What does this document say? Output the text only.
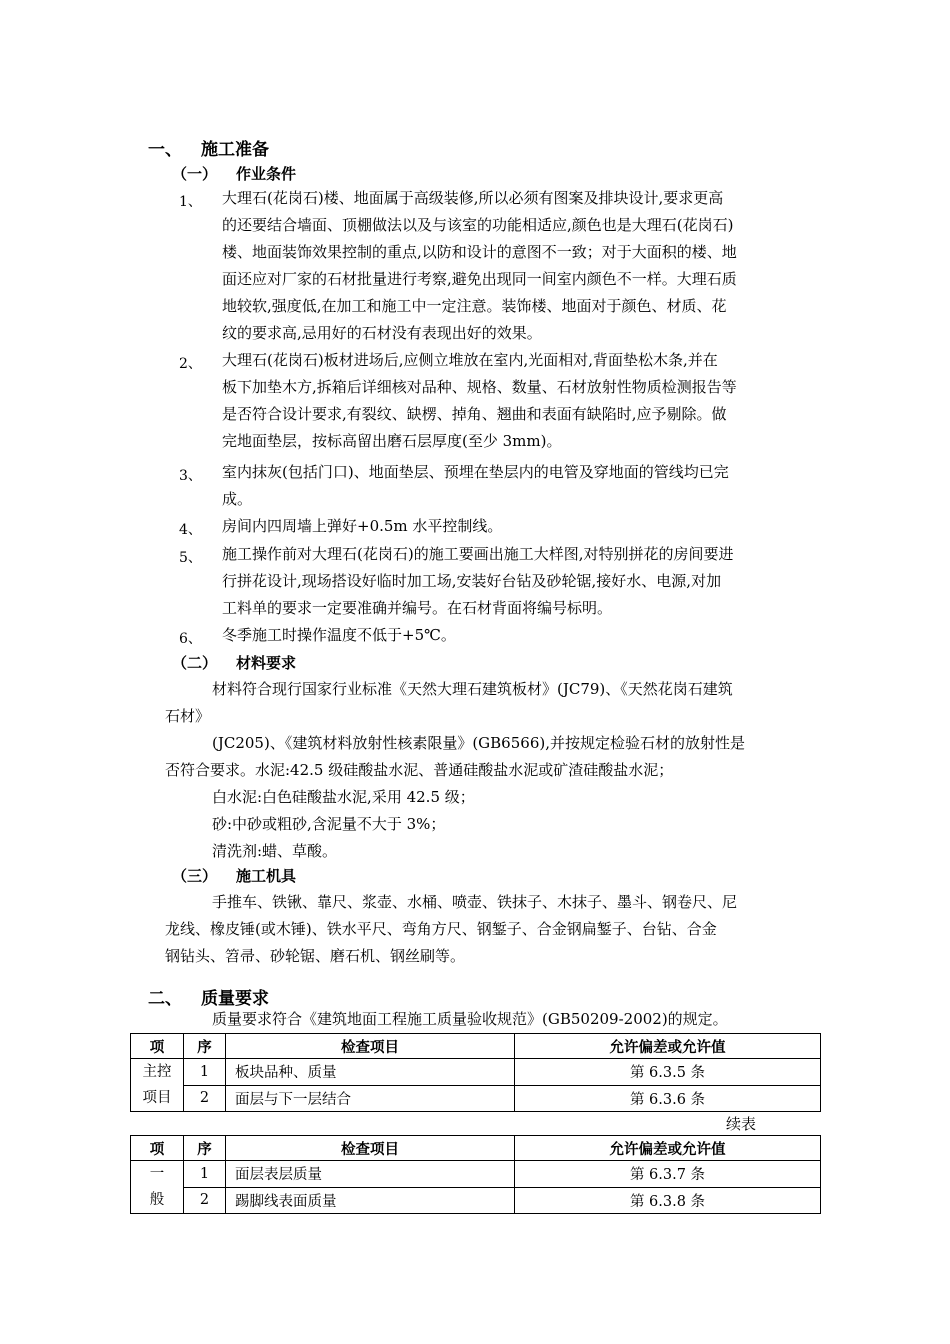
一、 施工准备
（一） 作业条件
1、 大理石(花岗石)楼、地面属于高级装修,所以必须有图案及排块设计,要求更高
的还要结合墙面、顶棚做法以及与该室的功能相适应,颜色也是大理石(花岗石)
楼、地面装饰效果控制的重点,以防和设计的意图不一致；对于大面积的楼、地
面还应对厂家的石材批量进行考察,避免出现同一间室内颜色不一样。大理石质
地较软,强度低,在加工和施工中一定注意。装饰楼、地面对于颜色、材质、花
纹的要求高,忌用好的石材没有表现出好的效果。
2、 大理石(花岗石)板材进场后,应侧立堆放在室内,光面相对,背面垫松木条,并在
板下加垫木方,拆箱后详细核对品种、规格、数量、石材放射性物质检测报告等
是否符合设计要求,有裂纹、缺楞、掉角、翘曲和表面有缺陷时,应予剔除。做
完地面垫层，按标高留出磨石层厚度(至少 3mm)。
3、 室内抹灰(包括门口)、地面垫层、预埋在垫层内的电管及穿地面的管线均已完
成。
4、 房间内四周墙上弹好+0.5m 水平控制线。
5、 施工操作前对大理石(花岗石)的施工要画出施工大样图,对特别拼花的房间要进
行拼花设计,现场搭设好临时加工场,安装好台钻及砂轮锯,接好水、电源,对加
工料单的要求一定要准确并编号。在石材背面将编号标明。
6、 冬季施工时操作温度不低于+5℃。
（二） 材料要求
材料符合现行国家行业标准《天然大理石建筑板材》(JC79)、《天然花岗石建筑
石材》
(JC205)、《建筑材料放射性核素限量》(GB6566),并按规定检验石材的放射性是
否符合要求。水泥:42.5 级硅酸盐水泥、普通硅酸盐水泥或矿渣硅酸盐水泥；
白水泥:白色硅酸盐水泥,采用 42.5 级；
砂:中砂或粗砂,含泥量不大于 3%；
清洗剂:蜡、草酸。
（三） 施工机具
手推车、铁锹、靠尺、浆壶、水桶、喷壶、铁抹子、木抹子、墨斗、钢卷尺、尼
龙线、橡皮锤(或木锤)、铁水平尺、弯角方尺、钢錾子、合金钢扁錾子、台钻、合金
钢钻头、笤帚、砂轮锯、磨石机、钢丝刷等。
二、 质量要求
质量要求符合《建筑地面工程施工质量验收规范》(GB50209-2002)的规定。
项	序	检查项目	允许偏差或允许值

主控
项目	1	板块品种、质量	第 6.3.5 条
	2	面层与下一层结合	第 6.3.6 条
续表
项	序	检查项目	允许偏差或允许值

一
般	1	面层表层质量	第 6.3.7 条
	2	踢脚线表面质量	第 6.3.8 条
